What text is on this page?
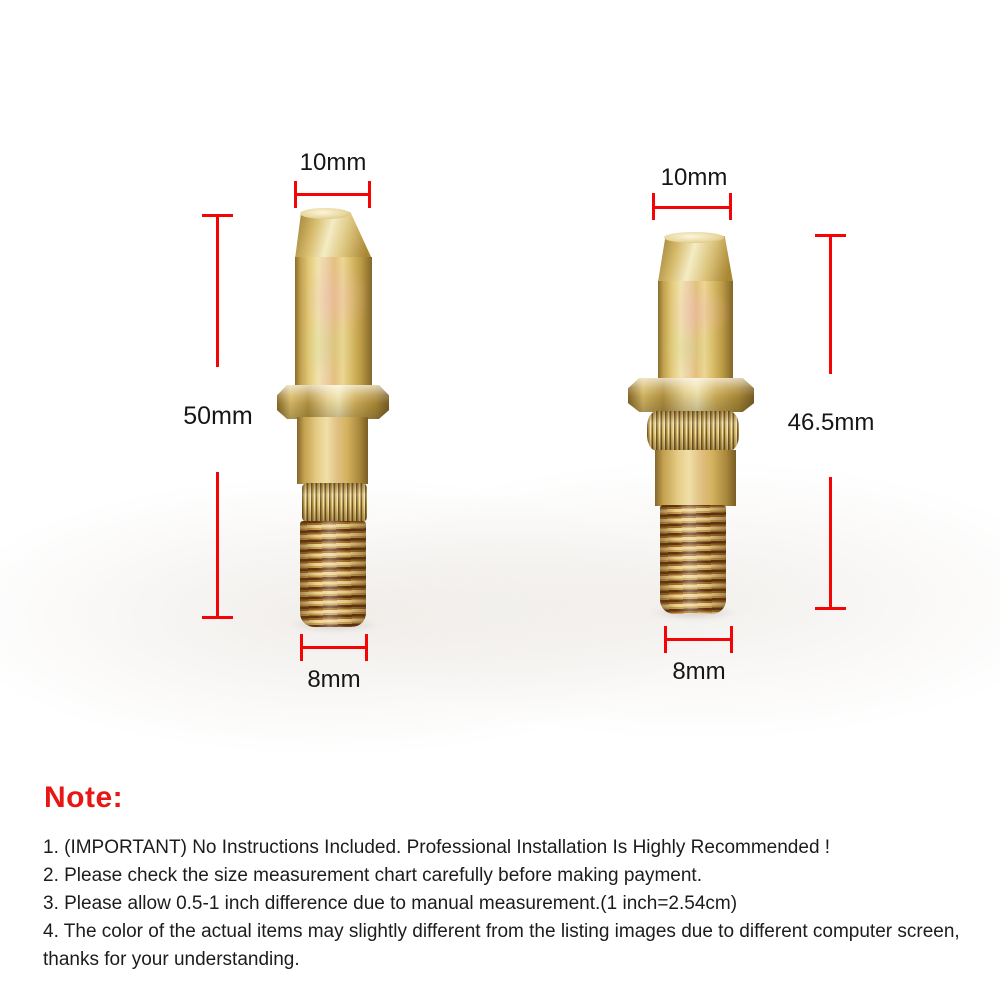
10mm
50mm
8mm
10mm
46.5mm
8mm
Note:

1. (IMPORTANT) No Instructions Included. Professional Installation Is Highly Recommended !

2. Please check the size measurement chart carefully before making payment.

3. Please allow 0.5-1 inch difference due to manual measurement.(1 inch=2.54cm)

4. The color of the actual items may slightly different from the listing images due to different computer screen, thanks for your understanding.
